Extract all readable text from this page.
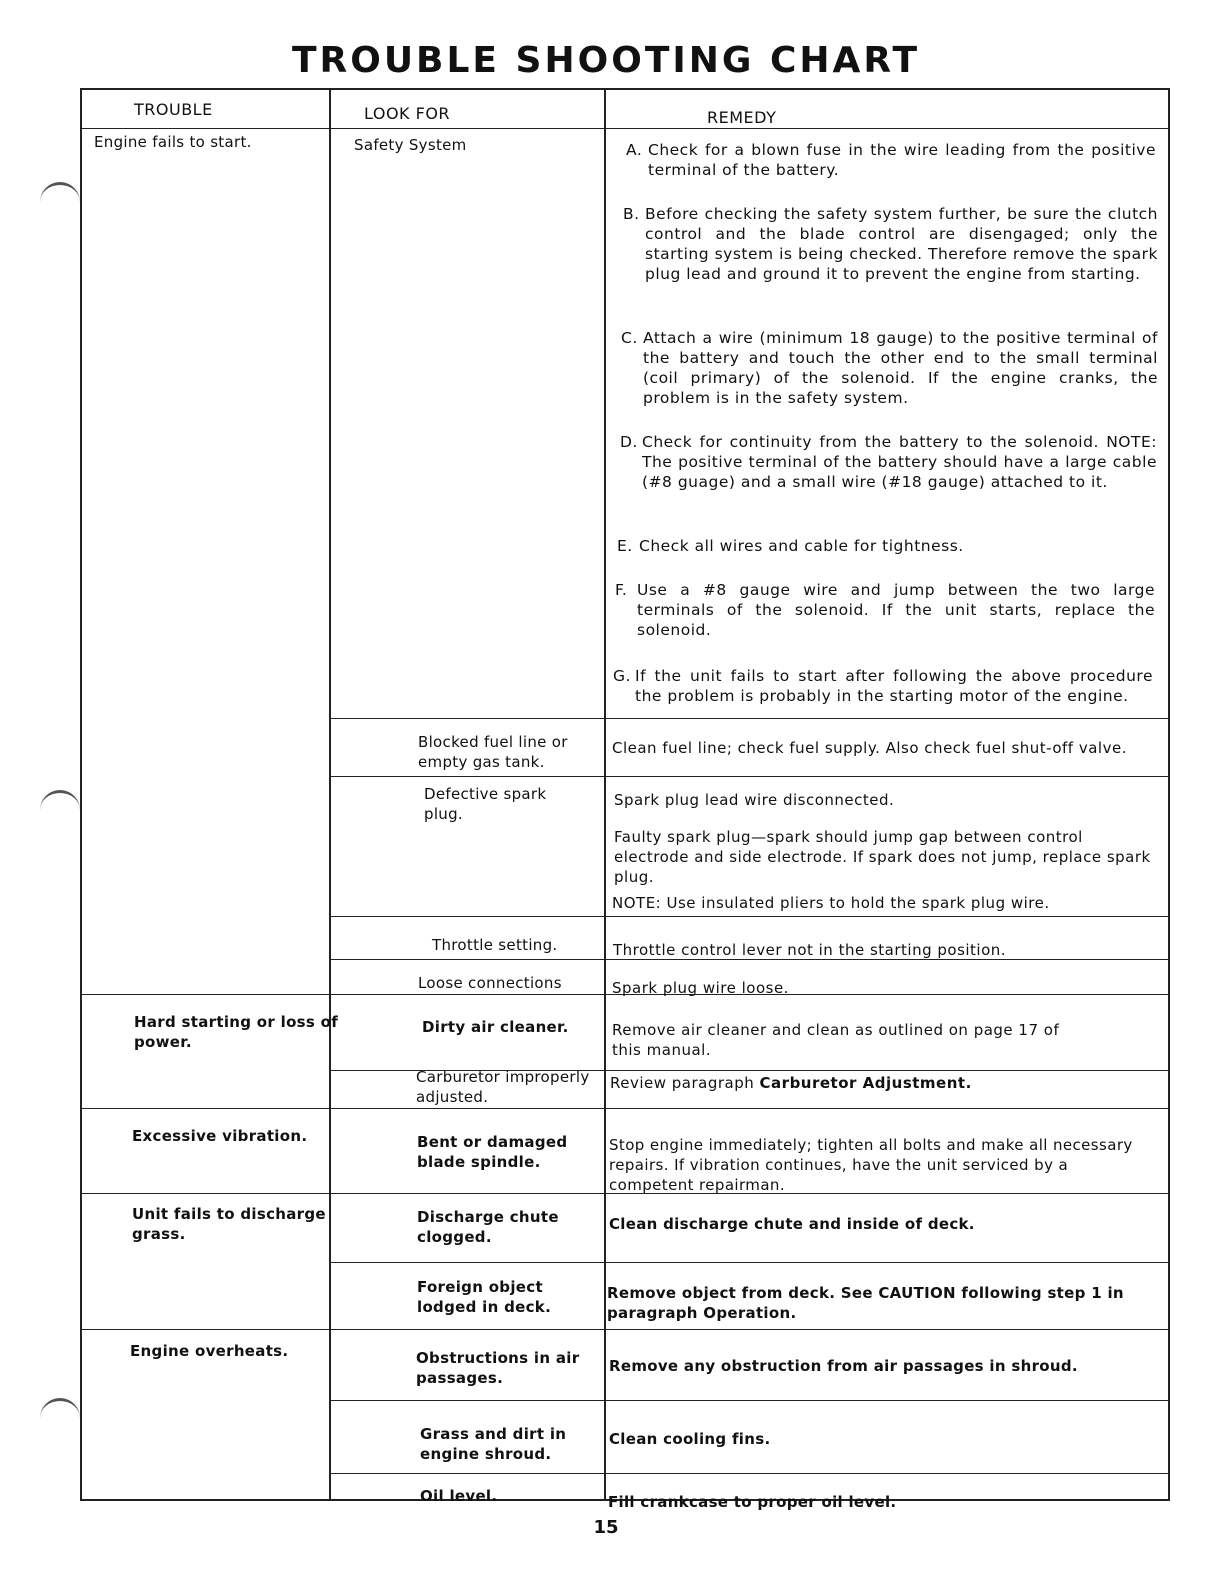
TROUBLE SHOOTING CHART
TROUBLE	LOOK FOR	REMEDY
Engine fails to start.
Hard starting or loss of power.
Excessive vibration.
Unit fails to discharge grass.
Engine overheats.
Safety System
Blocked fuel line or empty gas tank.
Defective spark plug.
Throttle setting.
Loose connections
Dirty air cleaner.
Carburetor improperly adjusted.
Bent or damaged blade spindle.
Discharge chute clogged.
Foreign object lodged in deck.
Obstructions in air passages.
Grass and dirt in engine shroud.
Oil level.
A. Check for a blown fuse in the wire leading from the positive terminal of the battery.
B. Before checking the safety system further, be sure the clutch control and the blade control are disengaged; only the starting system is being checked. Therefore remove the spark plug lead and ground it to prevent the engine from starting.
C. Attach a wire (minimum 18 gauge) to the positive terminal of the battery and touch the other end to the small terminal (coil primary) of the solenoid. If the engine cranks, the problem is in the safety system.
D. Check for continuity from the battery to the solenoid. NOTE: The positive terminal of the battery should have a large cable (#8 guage) and a small wire (#18 gauge) attached to it.
E. Check all wires and cable for tightness.
F. Use a #8 gauge wire and jump between the two large terminals of the solenoid. If the unit starts, replace the solenoid.
G. If the unit fails to start after following the above procedure the problem is probably in the starting motor of the engine.
Clean fuel line; check fuel supply. Also check fuel shut-off valve.
Spark plug lead wire disconnected.
Faulty spark plug—spark should jump gap between control electrode and side electrode. If spark does not jump, replace spark plug.
NOTE: Use insulated pliers to hold the spark plug wire.
Throttle control lever not in the starting position.
Spark plug wire loose.
Remove air cleaner and clean as outlined on page 17 of this manual.
Review paragraph Carburetor Adjustment.
Stop engine immediately; tighten all bolts and make all necessary repairs. If vibration continues, have the unit serviced by a competent repairman.
Clean discharge chute and inside of deck.
Remove object from deck. See CAUTION following step 1 in paragraph Operation.
Remove any obstruction from air passages in shroud.
Clean cooling fins.
Fill crankcase to proper oil level.
15
